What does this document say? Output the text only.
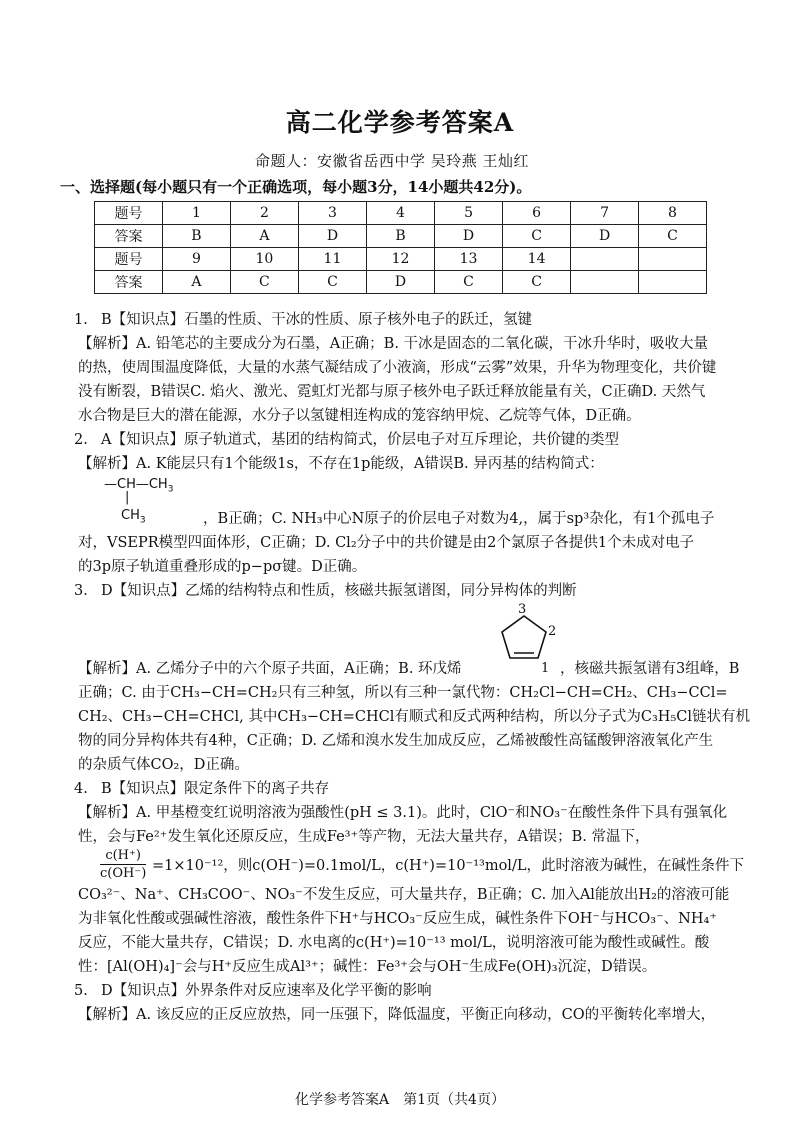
高二化学参考答案A
命题人：安徽省岳西中学 吴玲燕 王灿红
一、选择题(每小题只有一个正确选项，每小题3分，14小题共42分)。
题号	1	2	3	4	5	6	7	8
答案	B	A	D	B	D	C	D	C
题号	9	10	11	12	13	14		
答案	A	C	C	D	C	C		
1. B【知识点】石墨的性质、干冰的性质、原子核外电子的跃迁，氢键
【解析】A. 铅笔芯的主要成分为石墨，A正确；B. 干冰是固态的二氧化碳，干冰升华时，吸收大量
的热，使周围温度降低，大量的水蒸气凝结成了小液滴，形成“云雾”效果，升华为物理变化，共价键
没有断裂，B错误C. 焰火、激光、霓虹灯光都与原子核外电子跃迁释放能量有关，C正确D. 天然气
水合物是巨大的潜在能源，水分子以氢键相连构成的笼容纳甲烷、乙烷等气体，D正确。
2. A【知识点】原子轨道式，基团的结构简式，价层电子对互斥理论，共价键的类型
【解析】A. K能层只有1个能级1s，不存在1p能级，A错误B. 异丙基的结构简式：
$—CH—CH_3$
|
$CH_3$	，B正确；C. NH₃中心N原子的价层电子对数为4,，属于sp³杂化，有1个孤电子
对，VSEPR模型四面体形，C正确；D. Cl₂分子中的共价键是由2个氯原子各提供1个未成对电子
的3p原子轨道重叠形成的p−pσ键。D正确。
3. D【知识点】乙烯的结构特点和性质，核磁共振氢谱图，同分异构体的判断
3
2
1
【解析】A. 乙烯分子中的六个原子共面，A正确；B. 环戊烯	，核磁共振氢谱有3组峰，B
正确；C. 由于CH₃−CH=CH₂只有三种氢，所以有三种一氯代物：CH₂Cl−CH=CH₂、CH₃−CCl=
CH₂、CH₃−CH=CHCl, 其中CH₃−CH=CHCl有顺式和反式两种结构，所以分子式为C₃H₅Cl链状有机
物的同分异构体共有4种，C正确；D. 乙烯和溴水发生加成反应，乙烯被酸性高锰酸钾溶液氧化产生
的杂质气体CO₂，D正确。
4. B【知识点】限定条件下的离子共存
【解析】A. 甲基橙变红说明溶液为强酸性(pH ≤ 3.1)。此时，ClO⁻和NO₃⁻在酸性条件下具有强氧化
性，会与Fe²⁺发生氧化还原反应，生成Fe³⁺等产物，无法大量共存，A错误；B. 常温下，
$\frac{c(H^+)}{c(OH^-)} =1\times 10^{-12}$，则c(OH⁻)=0.1mol/L，c(H⁺)=10⁻¹³mol/L，此时溶液为碱性，在碱性条件下
CO₃²⁻、Na⁺、CH₃COO⁻、NO₃⁻不发生反应，可大量共存，B正确；C. 加入Al能放出H₂的溶液可能
为非氧化性酸或强碱性溶液，酸性条件下H⁺与HCO₃⁻反应生成，碱性条件下OH⁻与HCO₃⁻、NH₄⁺
反应，不能大量共存，C错误；D. 水电离的c(H⁺)=10⁻¹³ mol/L，说明溶液可能为酸性或碱性。酸
性：[Al(OH)₄]⁻会与H⁺反应生成Al³⁺；碱性：Fe³⁺会与OH⁻生成Fe(OH)₃沉淀，D错误。
5. D【知识点】外界条件对反应速率及化学平衡的影响
【解析】A. 该反应的正反应放热，同一压强下，降低温度，平衡正向移动，CO的平衡转化率增大，
化学参考答案A　第1页（共4页）
